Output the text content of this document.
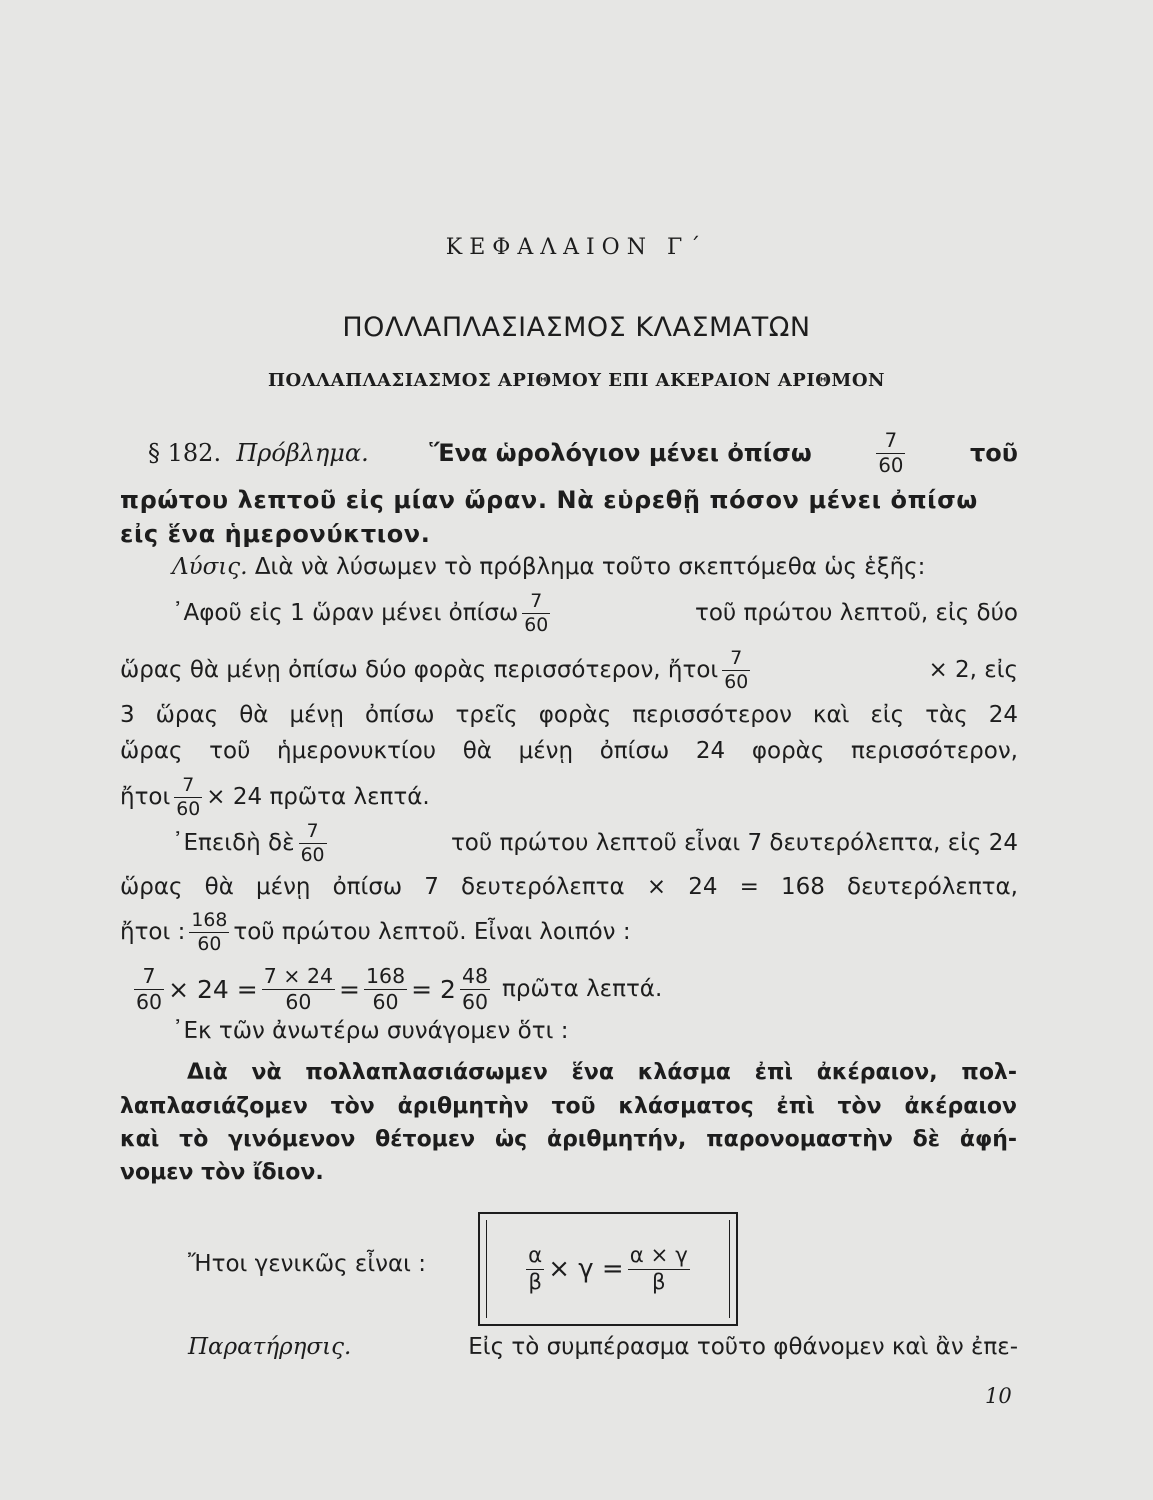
ΚΕΦΑΛΑΙΟΝ Γ΄
ΠΟΛΛΑΠΛΑΣΙΑΣΜΟΣ ΚΛΑΣΜΑΤΩΝ
ΠΟΛΛΑΠΛΑΣΙΑΣΜΟΣ ΑΡΙΘΜΟΥ ΕΠΙ ΑΚΕΡΑΙΟΝ ΑΡΙΘΜΟΝ
§ 182. Πρόβλημα.	Ἕνα ὡρολόγιον μένει ὀπίσω	$\frac{7}{60}$	τοῦ
πρώτου λεπτοῦ εἰς μίαν ὥραν. Νὰ εὑρεθῇ πόσον μένει ὀπίσω
εἰς ἕνα ἡμερονύκτιον.
Λύσις. Διὰ νὰ λύσωμεν τὸ πρόβλημα τοῦτο σκεπτόμεθα ὡς ἑξῆς:
᾿Αφοῦ εἰς 1 ὥραν μένει ὀπίσω $\frac{7}{60}$	τοῦ πρώτου λεπτοῦ, εἰς δύο
ὥρας θὰ μένῃ ὀπίσω δύο φορὰς περισσότερον, ἤτοι $\frac{7}{60}$	× 2, εἰς
3 ὥρας θὰ μένῃ ὀπίσω τρεῖς φορὰς περισσότερον καὶ εἰς τὰς 24
ὥρας τοῦ ἡμερονυκτίου θὰ μένῃ ὀπίσω 24 φορὰς περισσότερον,
ἤτοι $\frac{7}{60} \times 24$ πρῶτα λεπτά.
᾿Επειδὴ δὲ $\frac{7}{60}$	τοῦ πρώτου λεπτοῦ εἶναι 7 δευτερόλεπτα, εἰς 24
ὥρας θὰ μένῃ ὀπίσω 7 δευτερόλεπτα × 24 = 168 δευτερόλεπτα,
ἤτοι : $\frac{168}{60}$ τοῦ πρώτου λεπτοῦ. Εἶναι λοιπόν :
$\frac{7}{60} \times 24 = \frac{7 \times 24}{60} = \frac{168}{60} = 2 \frac{48}{60}$ πρῶτα λεπτά.
᾿Εκ τῶν ἀνωτέρω συνάγομεν ὅτι :
Διὰ νὰ πολλαπλασιάσωμεν ἕνα κλάσμα ἐπὶ ἀκέραιον, πολ-
λαπλασιάζομεν τὸν ἀριθμητὴν τοῦ κλάσματος ἐπὶ τὸν ἀκέραιον
καὶ τὸ γινόμενον θέτομεν ὡς ἀριθμητήν, παρονομαστὴν δὲ ἀφή-
νομεν τὸν ἴδιον.
Ἤτοι γενικῶς εἶναι :	$\frac{\alpha}{\beta} \times \gamma = \frac{\alpha \times \gamma}{\beta}$
Παρατήρησις.	Εἰς τὸ συμπέρασμα τοῦτο φθάνομεν καὶ ἂν ἐπε-
10
